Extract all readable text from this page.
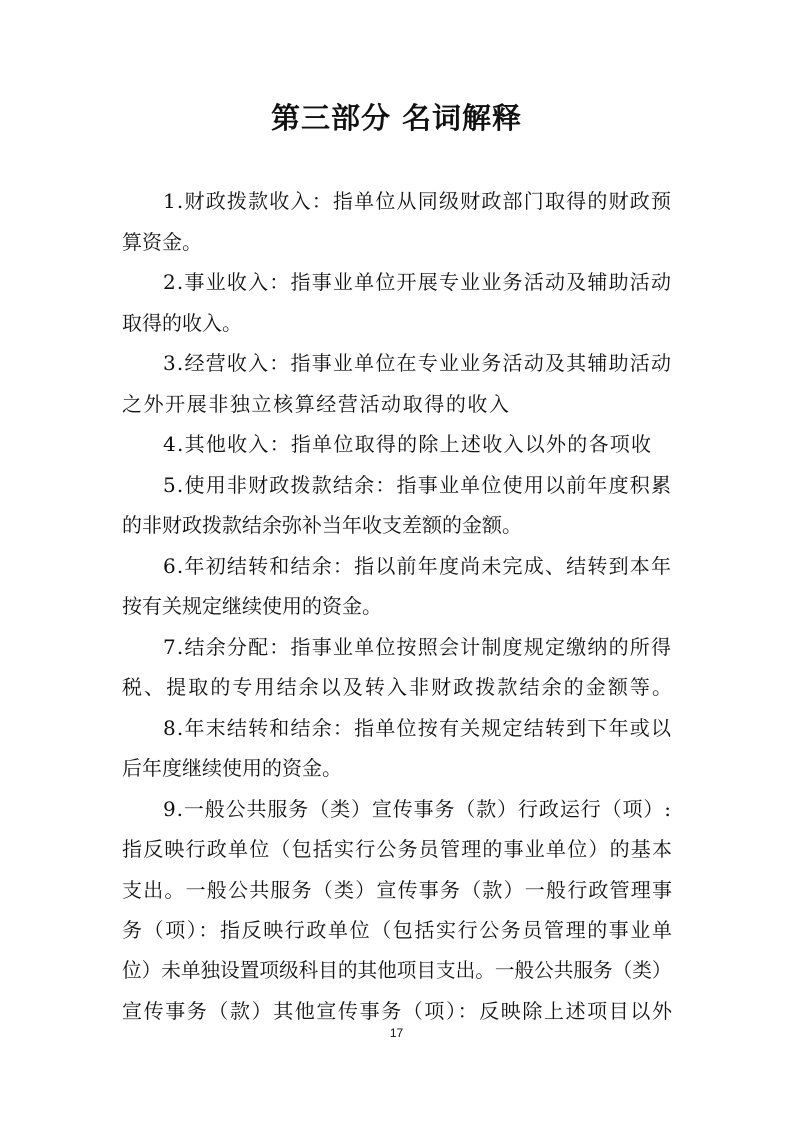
第三部分 名词解释
1.财政拨款收入：指单位从同级财政部门取得的财政预
算资金。
2.事业收入：指事业单位开展专业业务活动及辅助活动
取得的收入。
3.经营收入：指事业单位在专业业务活动及其辅助活动
之外开展非独立核算经营活动取得的收入
4.其他收入：指单位取得的除上述收入以外的各项收
5.使用非财政拨款结余：指事业单位使用以前年度积累
的非财政拨款结余弥补当年收支差额的金额。
6.年初结转和结余：指以前年度尚未完成、结转到本年
按有关规定继续使用的资金。
7.结余分配：指事业单位按照会计制度规定缴纳的所得
税、提取的专用结余以及转入非财政拨款结余的金额等。
8.年末结转和结余：指单位按有关规定结转到下年或以
后年度继续使用的资金。
9.一般公共服务（类）宣传事务（款）行政运行（项）:
指反映行政单位（包括实行公务员管理的事业单位）的基本
支出。一般公共服务（类）宣传事务（款）一般行政管理事
务（项）：指反映行政单位（包括实行公务员管理的事业单
位）未单独设置项级科目的其他项目支出。一般公共服务（类）
宣传事务（款）其他宣传事务（项）：反映除上述项目以外
17
